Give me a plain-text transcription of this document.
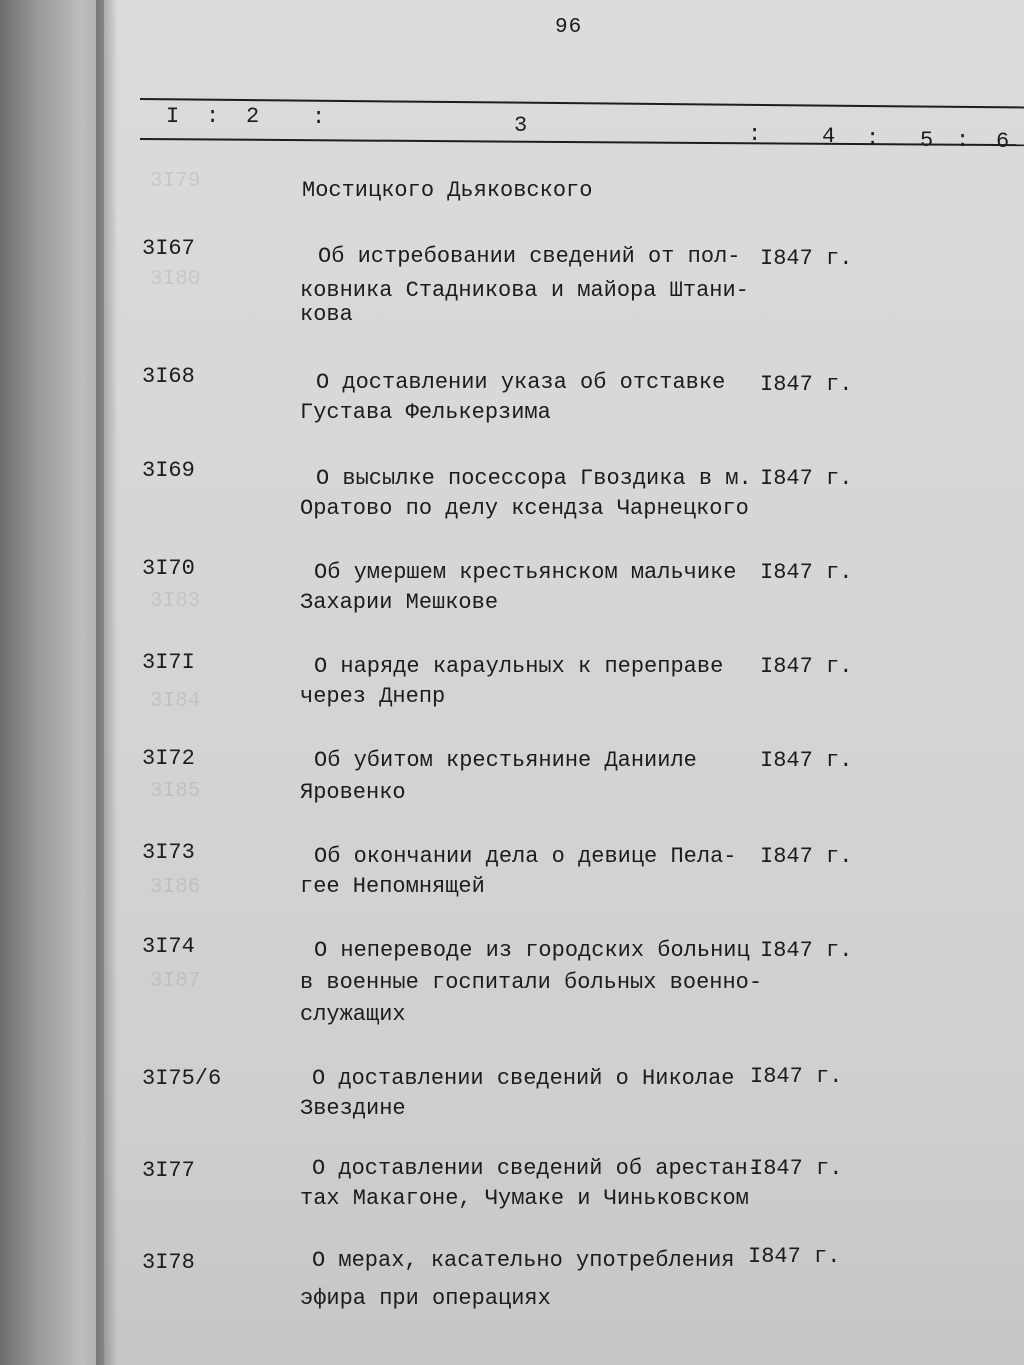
3I79
3I80
3I83
3I84
3I85
3I86
3I87
96
I : 2 :	3	:	4 : 5 : 6
Мостицкого Дьяковского
3I67	Об истребовании сведений от пол-
ковника Стадникова и майора Штани-
кова
I847 г.
3I68	О доставлении указа об отставке
Густава Фелькерзима
I847 г.
3I69	О высылке посессора Гвоздика в м.
Оратово по делу ксендза Чарнецкого
I847 г.
3I70	Об умершем крестьянском мальчике
Захарии Мешкове
I847 г.
3I7I	О наряде караульных к переправе
через Днепр
I847 г.
3I72	Об убитом крестьянине Данииле
Яровенко
I847 г.
3I73	Об окончании дела о девице Пела-
гее Непомнящей
I847 г.
3I74	О непереводе из городских больниц
в военные госпитали больных военно-
служащих
I847 г.
3I75/6	О доставлении сведений о Николае
Звездине
I847 г.
3I77	О доставлении сведений об арестан-
тах Макагоне, Чумаке и Чиньковском
I847 г.
3I78	О мерах, касательно употребления
эфира при операциях
I847 г.
